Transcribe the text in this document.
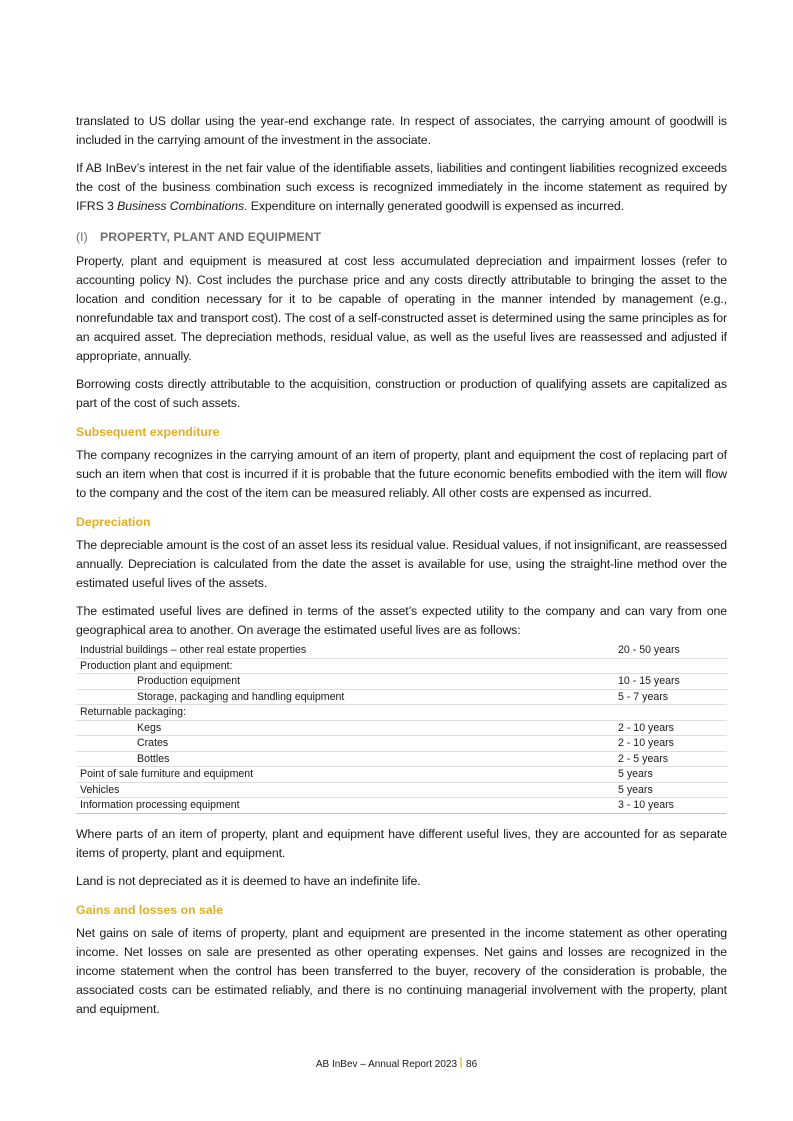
translated to US dollar using the year-end exchange rate. In respect of associates, the carrying amount of goodwill is included in the carrying amount of the investment in the associate.

If AB InBev’s interest in the net fair value of the identifiable assets, liabilities and contingent liabilities recognized exceeds the cost of the business combination such excess is recognized immediately in the income statement as required by IFRS 3 Business Combinations. Expenditure on internally generated goodwill is expensed as incurred.

(I) PROPERTY, PLANT AND EQUIPMENT

Property, plant and equipment is measured at cost less accumulated depreciation and impairment losses (refer to accounting policy N). Cost includes the purchase price and any costs directly attributable to bringing the asset to the location and condition necessary for it to be capable of operating in the manner intended by management (e.g., nonrefundable tax and transport cost). The cost of a self-constructed asset is determined using the same principles as for an acquired asset. The depreciation methods, residual value, as well as the useful lives are reassessed and adjusted if appropriate, annually.

Borrowing costs directly attributable to the acquisition, construction or production of qualifying assets are capitalized as part of the cost of such assets.

Subsequent expenditure

The company recognizes in the carrying amount of an item of property, plant and equipment the cost of replacing part of such an item when that cost is incurred if it is probable that the future economic benefits embodied with the item will flow to the company and the cost of the item can be measured reliably. All other costs are expensed as incurred.

Depreciation

The depreciable amount is the cost of an asset less its residual value. Residual values, if not insignificant, are reassessed annually. Depreciation is calculated from the date the asset is available for use, using the straight-line method over the estimated useful lives of the assets.

The estimated useful lives are defined in terms of the asset’s expected utility to the company and can vary from one geographical area to another. On average the estimated useful lives are as follows:

Industrial buildings – other real estate properties	20 - 50 years
Production plant and equipment:	
Production equipment	10 - 15 years
Storage, packaging and handling equipment	5 - 7 years
Returnable packaging:	
Kegs	2 - 10 years
Crates	2 - 10 years
Bottles	2 - 5 years
Point of sale furniture and equipment	5 years
Vehicles	5 years
Information processing equipment	3 - 10 years

Where parts of an item of property, plant and equipment have different useful lives, they are accounted for as separate items of property, plant and equipment.

Land is not depreciated as it is deemed to have an indefinite life.

Gains and losses on sale

Net gains on sale of items of property, plant and equipment are presented in the income statement as other operating income. Net losses on sale are presented as other operating expenses. Net gains and losses are recognized in the income statement when the control has been transferred to the buyer, recovery of the consideration is probable, the associated costs can be estimated reliably, and there is no continuing managerial involvement with the property, plant and equipment.

AB InBev – Annual Report 2023 86
